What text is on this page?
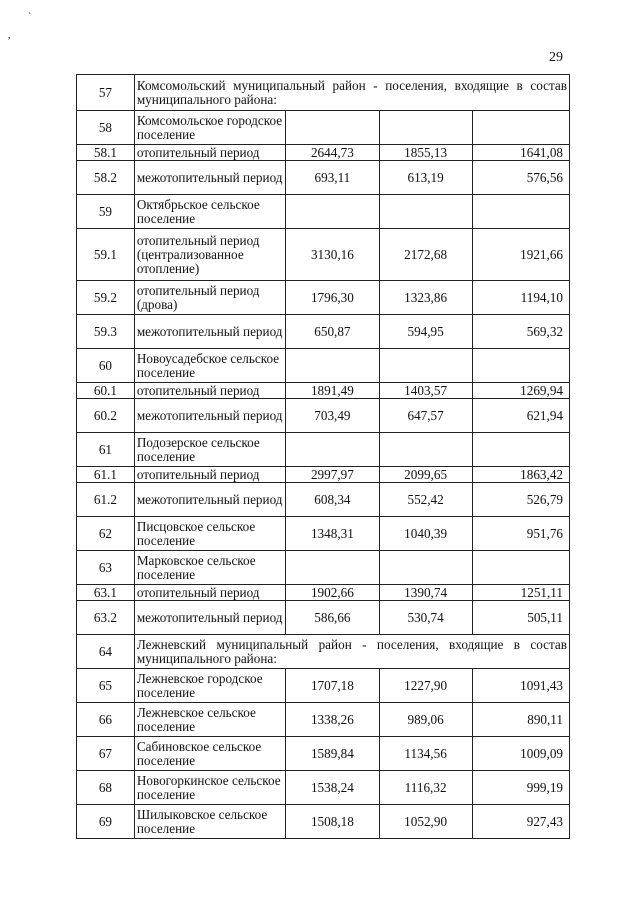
`
,
29
57	Комсомольский муниципальный район - поселения, входящие в состав муниципального района:			
58	Комсомольское городское поселение			
58.1	отопительный период	2644,73	1855,13	1641,08
58.2	межотопительный период	693,11	613,19	576,56
59	Октябрьское сельское поселение			
59.1	отопительный период (централизованное отопление)	3130,16	2172,68	1921,66
59.2	отопительный период (дрова)	1796,30	1323,86	1194,10
59.3	межотопительный период	650,87	594,95	569,32
60	Новоусадебское сельское поселение			
60.1	отопительный период	1891,49	1403,57	1269,94
60.2	межотопительный период	703,49	647,57	621,94
61	Подозерское сельское поселение			
61.1	отопительный период	2997,97	2099,65	1863,42
61.2	межотопительный период	608,34	552,42	526,79
62	Писцовское сельское поселение	1348,31	1040,39	951,76
63	Марковское сельское поселение			
63.1	отопительный период	1902,66	1390,74	1251,11
63.2	межотопительный период	586,66	530,74	505,11
64	Лежневский муниципальный район - поселения, входящие в состав муниципального района:			
65	Лежневское городское поселение	1707,18	1227,90	1091,43
66	Лежневское сельское поселение	1338,26	989,06	890,11
67	Сабиновское сельское поселение	1589,84	1134,56	1009,09
68	Новогоркинское сельское поселение	1538,24	1116,32	999,19
69	Шилыковское сельское поселение	1508,18	1052,90	927,43
